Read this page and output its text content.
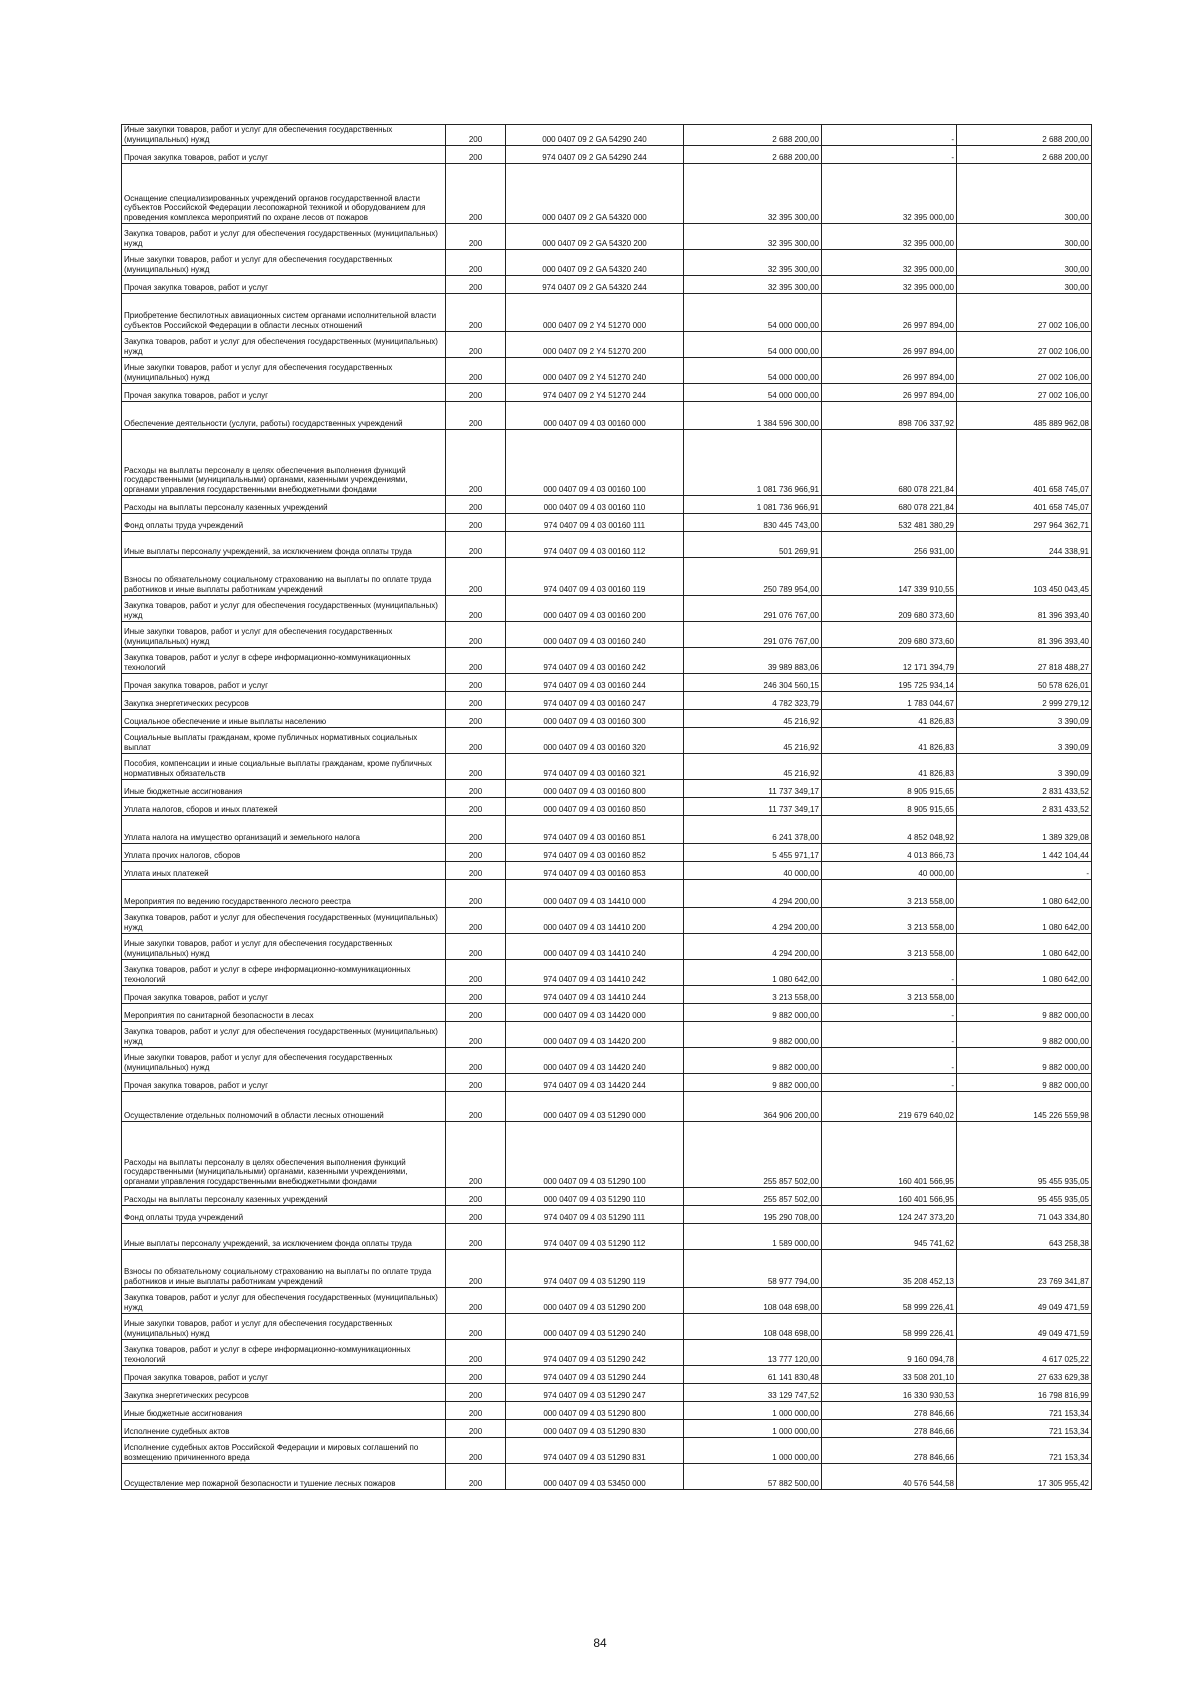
Иные закупки товаров, работ и услуг для обеспечения государственных (муниципальных) нужд	200	000 0407 09 2 GA 54290 240	2 688 200,00	-	2 688 200,00
Прочая закупка товаров, работ и услуг	200	974 0407 09 2 GA 54290 244	2 688 200,00	-	2 688 200,00
Оснащение специализированных учреждений органов государственной власти субъектов Российской Федерации лесопожарной техникой и оборудованием для проведения комплекса мероприятий по охране лесов от пожаров	200	000 0407 09 2 GA 54320 000	32 395 300,00	32 395 000,00	300,00
Закупка товаров, работ и услуг для обеспечения государственных (муниципальных) нужд	200	000 0407 09 2 GA 54320 200	32 395 300,00	32 395 000,00	300,00
Иные закупки товаров, работ и услуг для обеспечения государственных (муниципальных) нужд	200	000 0407 09 2 GA 54320 240	32 395 300,00	32 395 000,00	300,00
Прочая закупка товаров, работ и услуг	200	974 0407 09 2 GA 54320 244	32 395 300,00	32 395 000,00	300,00
Приобретение беспилотных авиационных систем органами исполнительной власти субъектов Российской Федерации в области лесных отношений	200	000 0407 09 2 Y4 51270 000	54 000 000,00	26 997 894,00	27 002 106,00
Закупка товаров, работ и услуг для обеспечения государственных (муниципальных) нужд	200	000 0407 09 2 Y4 51270 200	54 000 000,00	26 997 894,00	27 002 106,00
Иные закупки товаров, работ и услуг для обеспечения государственных (муниципальных) нужд	200	000 0407 09 2 Y4 51270 240	54 000 000,00	26 997 894,00	27 002 106,00
Прочая закупка товаров, работ и услуг	200	974 0407 09 2 Y4 51270 244	54 000 000,00	26 997 894,00	27 002 106,00
Обеспечение деятельности (услуги, работы) государственных учреждений	200	000 0407 09 4 03 00160 000	1 384 596 300,00	898 706 337,92	485 889 962,08
Расходы на выплаты персоналу в целях обеспечения выполнения функций государственными (муниципальными) органами, казенными учреждениями, органами управления государственными внебюджетными фондами	200	000 0407 09 4 03 00160 100	1 081 736 966,91	680 078 221,84	401 658 745,07
Расходы на выплаты персоналу казенных учреждений	200	000 0407 09 4 03 00160 110	1 081 736 966,91	680 078 221,84	401 658 745,07
Фонд оплаты труда учреждений	200	974 0407 09 4 03 00160 111	830 445 743,00	532 481 380,29	297 964 362,71
Иные выплаты персоналу учреждений, за исключением фонда оплаты труда	200	974 0407 09 4 03 00160 112	501 269,91	256 931,00	244 338,91
Взносы по обязательному социальному страхованию на выплаты по оплате труда работников и иные выплаты работникам учреждений	200	974 0407 09 4 03 00160 119	250 789 954,00	147 339 910,55	103 450 043,45
Закупка товаров, работ и услуг для обеспечения государственных (муниципальных) нужд	200	000 0407 09 4 03 00160 200	291 076 767,00	209 680 373,60	81 396 393,40
Иные закупки товаров, работ и услуг для обеспечения государственных (муниципальных) нужд	200	000 0407 09 4 03 00160 240	291 076 767,00	209 680 373,60	81 396 393,40
Закупка товаров, работ и услуг в сфере информационно-коммуникационных технологий	200	974 0407 09 4 03 00160 242	39 989 883,06	12 171 394,79	27 818 488,27
Прочая закупка товаров, работ и услуг	200	974 0407 09 4 03 00160 244	246 304 560,15	195 725 934,14	50 578 626,01
Закупка энергетических ресурсов	200	974 0407 09 4 03 00160 247	4 782 323,79	1 783 044,67	2 999 279,12
Социальное обеспечение и иные выплаты населению	200	000 0407 09 4 03 00160 300	45 216,92	41 826,83	3 390,09
Социальные выплаты гражданам, кроме публичных нормативных социальных выплат	200	000 0407 09 4 03 00160 320	45 216,92	41 826,83	3 390,09
Пособия, компенсации и иные социальные выплаты гражданам, кроме публичных нормативных обязательств	200	974 0407 09 4 03 00160 321	45 216,92	41 826,83	3 390,09
Иные бюджетные ассигнования	200	000 0407 09 4 03 00160 800	11 737 349,17	8 905 915,65	2 831 433,52
Уплата налогов, сборов и иных платежей	200	000 0407 09 4 03 00160 850	11 737 349,17	8 905 915,65	2 831 433,52
Уплата налога на имущество организаций и земельного налога	200	974 0407 09 4 03 00160 851	6 241 378,00	4 852 048,92	1 389 329,08
Уплата прочих налогов, сборов	200	974 0407 09 4 03 00160 852	5 455 971,17	4 013 866,73	1 442 104,44
Уплата иных платежей	200	974 0407 09 4 03 00160 853	40 000,00	40 000,00	-
Мероприятия по ведению государственного лесного реестра	200	000 0407 09 4 03 14410 000	4 294 200,00	3 213 558,00	1 080 642,00
Закупка товаров, работ и услуг для обеспечения государственных (муниципальных) нужд	200	000 0407 09 4 03 14410 200	4 294 200,00	3 213 558,00	1 080 642,00
Иные закупки товаров, работ и услуг для обеспечения государственных (муниципальных) нужд	200	000 0407 09 4 03 14410 240	4 294 200,00	3 213 558,00	1 080 642,00
Закупка товаров, работ и услуг в сфере информационно-коммуникационных технологий	200	974 0407 09 4 03 14410 242	1 080 642,00	-	1 080 642,00
Прочая закупка товаров, работ и услуг	200	974 0407 09 4 03 14410 244	3 213 558,00	3 213 558,00	
Мероприятия по санитарной безопасности в лесах	200	000 0407 09 4 03 14420 000	9 882 000,00	-	9 882 000,00
Закупка товаров, работ и услуг для обеспечения государственных (муниципальных) нужд	200	000 0407 09 4 03 14420 200	9 882 000,00	-	9 882 000,00
Иные закупки товаров, работ и услуг для обеспечения государственных (муниципальных) нужд	200	000 0407 09 4 03 14420 240	9 882 000,00	-	9 882 000,00
Прочая закупка товаров, работ и услуг	200	974 0407 09 4 03 14420 244	9 882 000,00	-	9 882 000,00
Осуществление отдельных полномочий в области лесных отношений	200	000 0407 09 4 03 51290 000	364 906 200,00	219 679 640,02	145 226 559,98
Расходы на выплаты персоналу в целях обеспечения выполнения функций государственными (муниципальными) органами, казенными учреждениями, органами управления государственными внебюджетными фондами	200	000 0407 09 4 03 51290 100	255 857 502,00	160 401 566,95	95 455 935,05
Расходы на выплаты персоналу казенных учреждений	200	000 0407 09 4 03 51290 110	255 857 502,00	160 401 566,95	95 455 935,05
Фонд оплаты труда учреждений	200	974 0407 09 4 03 51290 111	195 290 708,00	124 247 373,20	71 043 334,80
Иные выплаты персоналу учреждений, за исключением фонда оплаты труда	200	974 0407 09 4 03 51290 112	1 589 000,00	945 741,62	643 258,38
Взносы по обязательному социальному страхованию на выплаты по оплате труда работников и иные выплаты работникам учреждений	200	974 0407 09 4 03 51290 119	58 977 794,00	35 208 452,13	23 769 341,87
Закупка товаров, работ и услуг для обеспечения государственных (муниципальных) нужд	200	000 0407 09 4 03 51290 200	108 048 698,00	58 999 226,41	49 049 471,59
Иные закупки товаров, работ и услуг для обеспечения государственных (муниципальных) нужд	200	000 0407 09 4 03 51290 240	108 048 698,00	58 999 226,41	49 049 471,59
Закупка товаров, работ и услуг в сфере информационно-коммуникационных технологий	200	974 0407 09 4 03 51290 242	13 777 120,00	9 160 094,78	4 617 025,22
Прочая закупка товаров, работ и услуг	200	974 0407 09 4 03 51290 244	61 141 830,48	33 508 201,10	27 633 629,38
Закупка энергетических ресурсов	200	974 0407 09 4 03 51290 247	33 129 747,52	16 330 930,53	16 798 816,99
Иные бюджетные ассигнования	200	000 0407 09 4 03 51290 800	1 000 000,00	278 846,66	721 153,34
Исполнение судебных актов	200	000 0407 09 4 03 51290 830	1 000 000,00	278 846,66	721 153,34
Исполнение судебных актов Российской Федерации и мировых соглашений по возмещению причиненного вреда	200	974 0407 09 4 03 51290 831	1 000 000,00	278 846,66	721 153,34
Осуществление мер пожарной безопасности и тушение лесных пожаров	200	000 0407 09 4 03 53450 000	57 882 500,00	40 576 544,58	17 305 955,42
84
